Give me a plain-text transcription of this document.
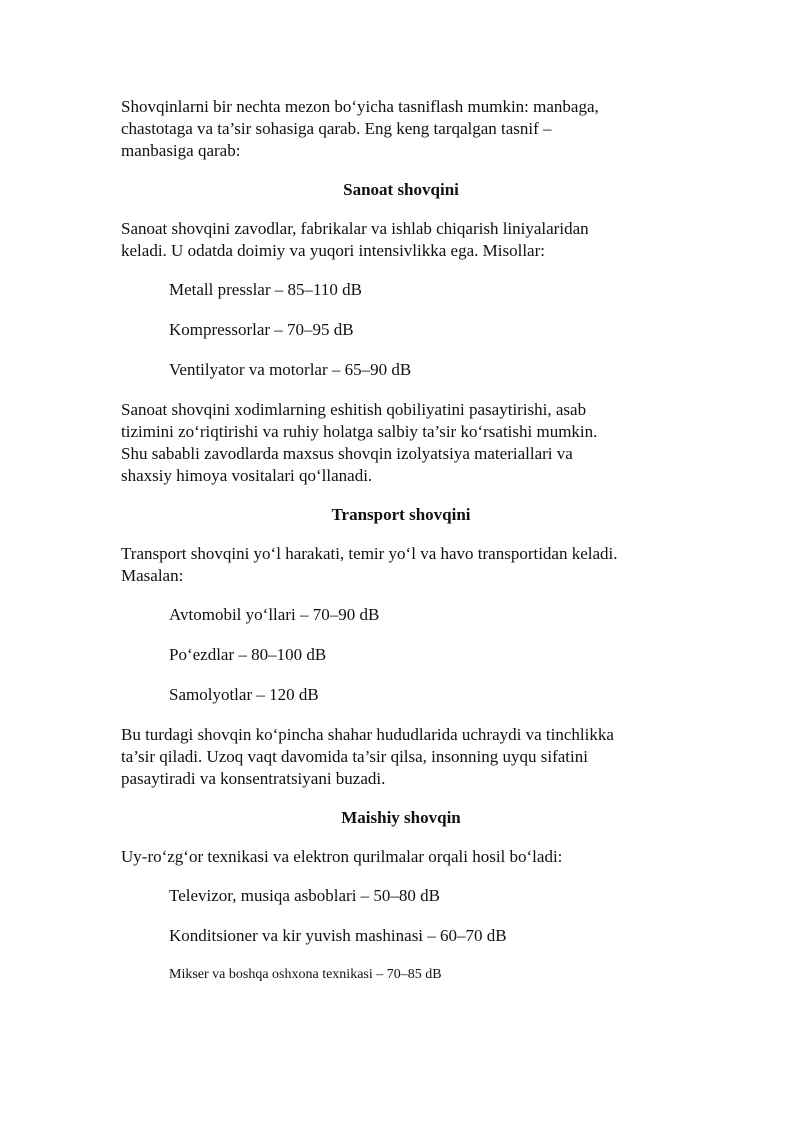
Shovqinlarni bir nechta mezon bo‘yicha tasniflash mumkin: manbaga,
chastotaga va ta’sir sohasiga qarab. Eng keng tarqalgan tasnif –
manbasiga qarab:

Sanoat shovqini

Sanoat shovqini zavodlar, fabrikalar va ishlab chiqarish liniyalaridan
keladi. U odatda doimiy va yuqori intensivlikka ega. Misollar:

Metall presslar – 85–110 dB
Kompressorlar – 70–95 dB
Ventilyator va motorlar – 65–90 dB

Sanoat shovqini xodimlarning eshitish qobiliyatini pasaytirishi, asab
tizimini zo‘riqtirishi va ruhiy holatga salbiy ta’sir ko‘rsatishi mumkin.
Shu sababli zavodlarda maxsus shovqin izolyatsiya materiallari va
shaxsiy himoya vositalari qo‘llanadi.

Transport shovqini

Transport shovqini yo‘l harakati, temir yo‘l va havo transportidan keladi.
Masalan:

Avtomobil yo‘llari – 70–90 dB
Po‘ezdlar – 80–100 dB
Samolyotlar – 120 dB

Bu turdagi shovqin ko‘pincha shahar hududlarida uchraydi va tinchlikka
ta’sir qiladi. Uzoq vaqt davomida ta’sir qilsa, insonning uyqu sifatini
pasaytiradi va konsentratsiyani buzadi.

Maishiy shovqin

Uy-ro‘zg‘or texnikasi va elektron qurilmalar orqali hosil bo‘ladi:

Televizor, musiqa asboblari – 50–80 dB
Konditsioner va kir yuvish mashinasi – 60–70 dB
Mikser va boshqa oshxona texnikasi – 70–85 dB
